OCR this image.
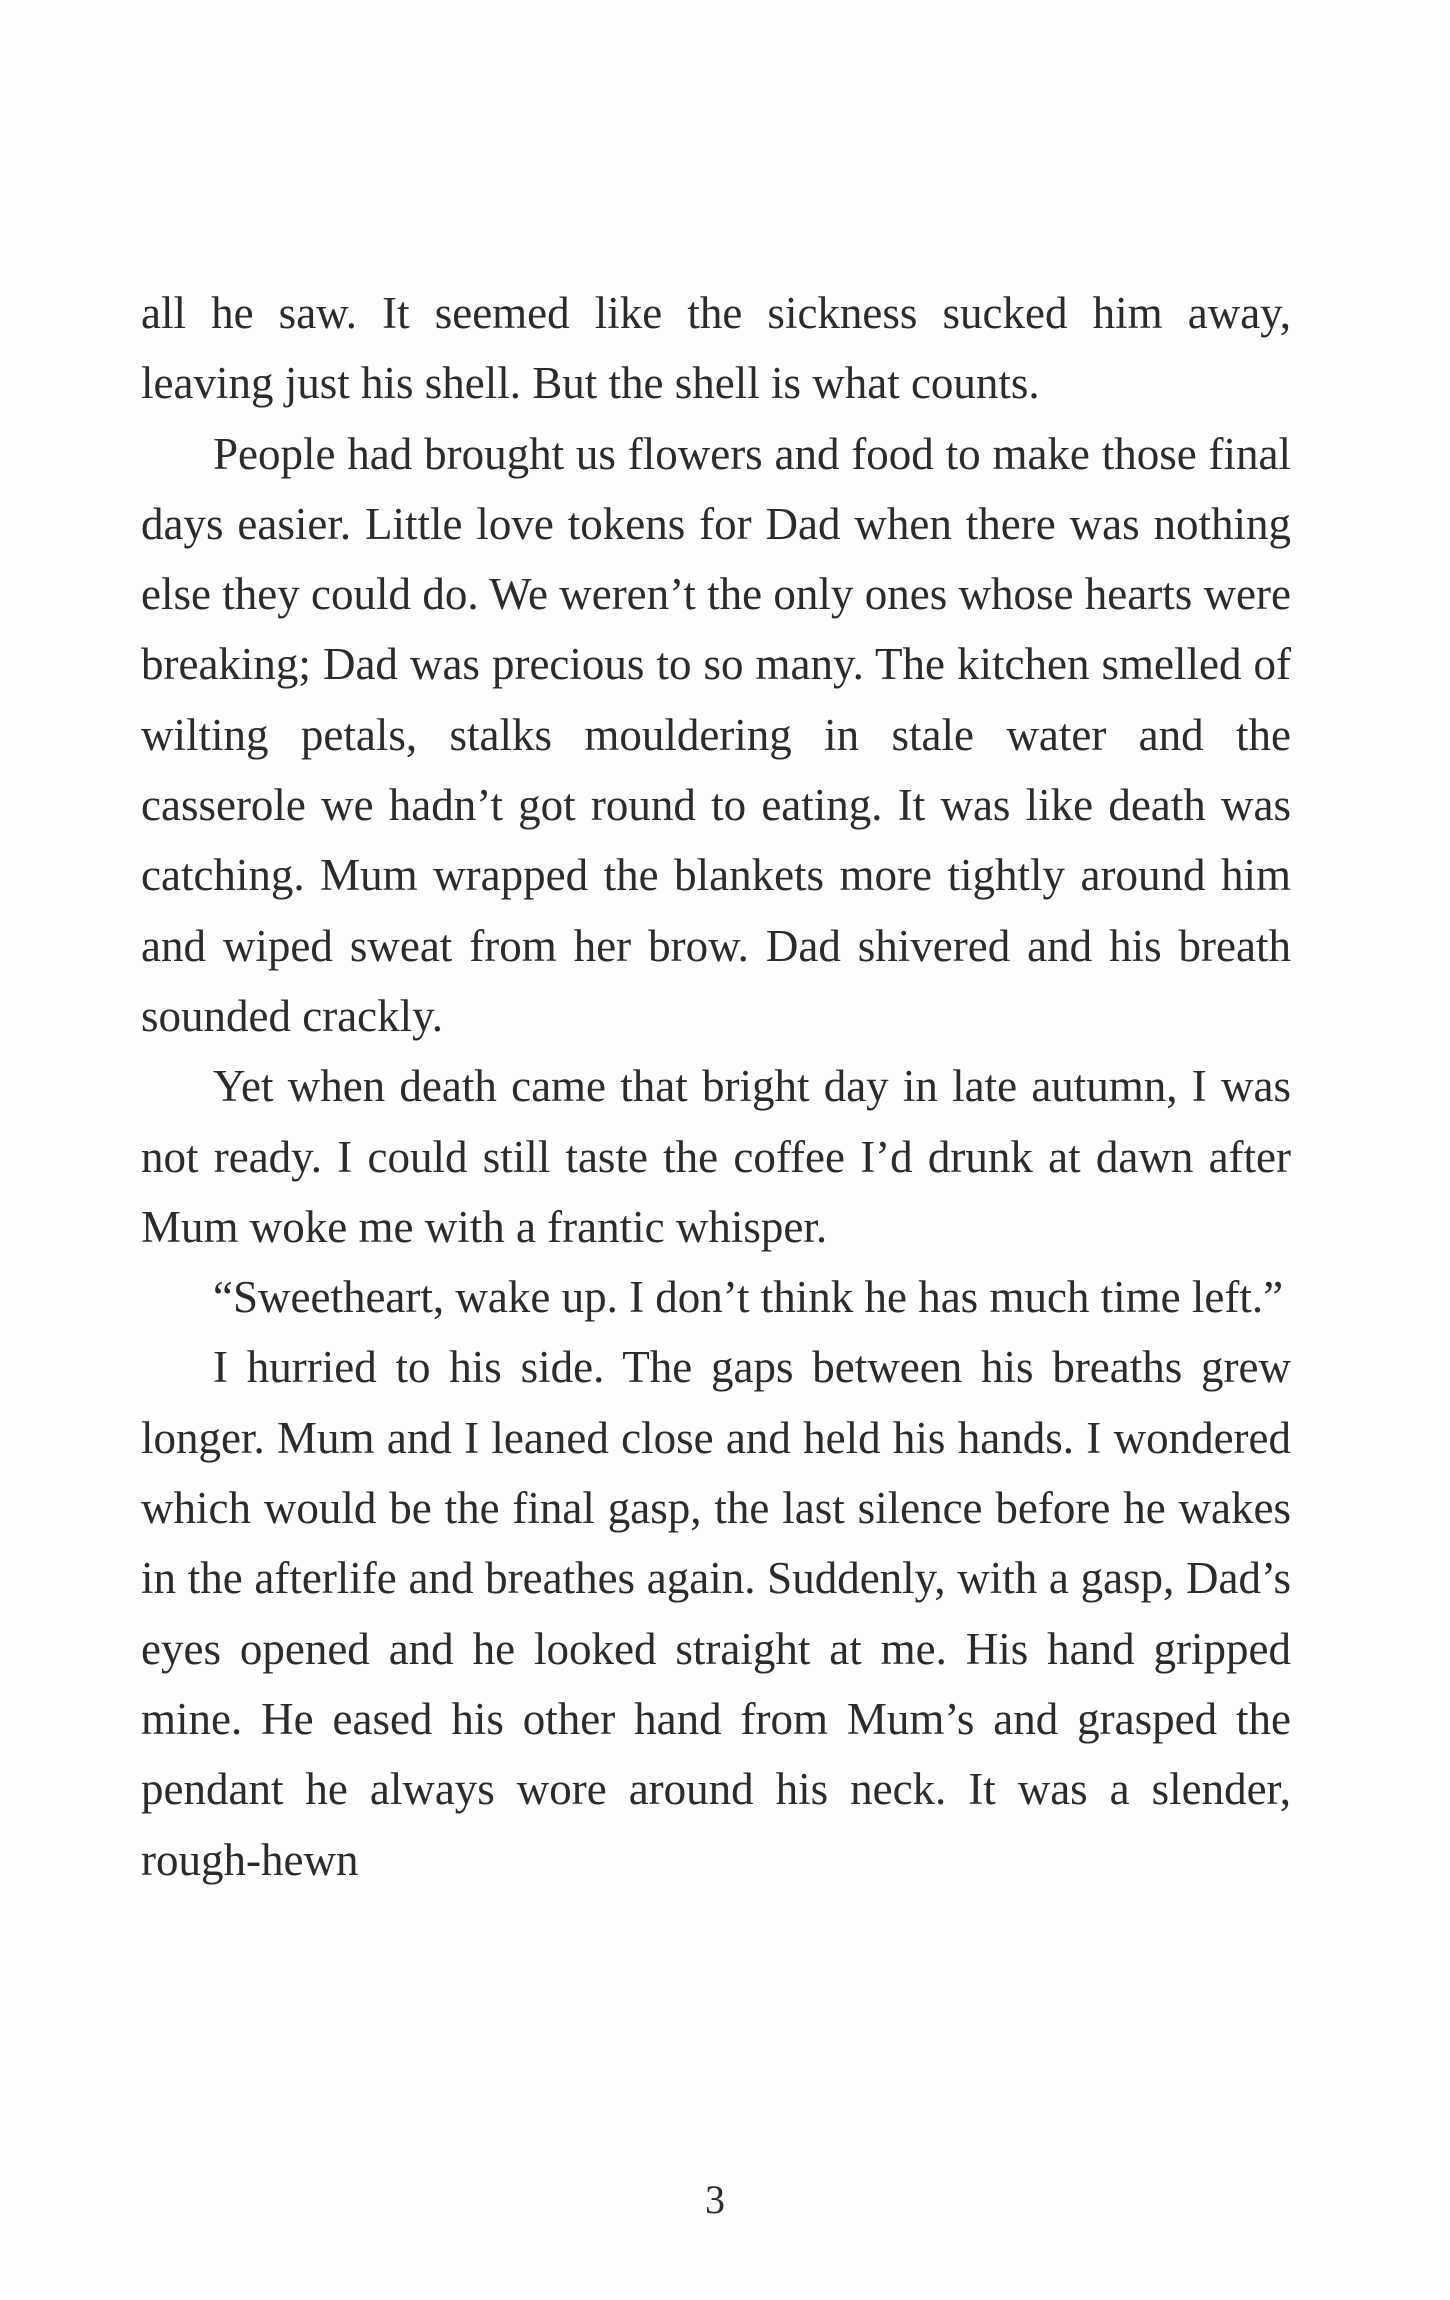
all he saw. It seemed like the sickness sucked him away, leaving just his shell. But the shell is what counts.

People had brought us flowers and food to make those final days easier. Little love tokens for Dad when there was nothing else they could do. We weren’t the only ones whose hearts were breaking; Dad was precious to so many. The kitchen smelled of wilting petals, stalks mouldering in stale water and the casserole we hadn’t got round to eating. It was like death was catching. Mum wrapped the blankets more tightly around him and wiped sweat from her brow. Dad shivered and his breath sounded crackly.

Yet when death came that bright day in late autumn, I was not ready. I could still taste the coffee I’d drunk at dawn after Mum woke me with a frantic whisper.

“Sweetheart, wake up. I don’t think he has much time left.”

I hurried to his side. The gaps between his breaths grew longer. Mum and I leaned close and held his hands. I wondered which would be the final gasp, the last silence before he wakes in the afterlife and breathes again. Suddenly, with a gasp, Dad’s eyes opened and he looked straight at me. His hand gripped mine. He eased his other hand from Mum’s and grasped the pendant he always wore around his neck. It was a slender, rough-hewn

3
